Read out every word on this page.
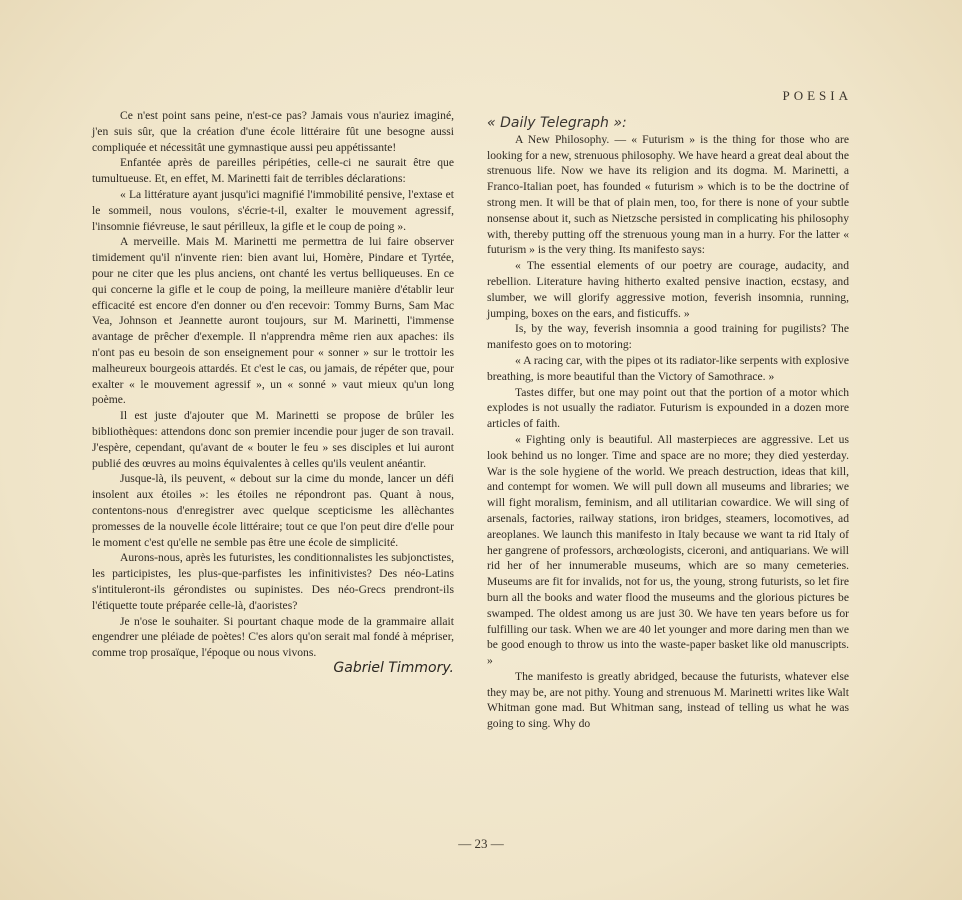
POESIA

Ce n'est point sans peine, n'est-ce pas? Jamais vous n'auriez imaginé, j'en suis sûr, que la création d'une école littéraire fût une besogne aussi compliquée et nécessitât une gymnastique aussi peu appétissante!

Enfantée après de pareilles péripéties, celle-ci ne saurait être que tumultueuse. Et, en effet, M. Marinetti fait de terribles déclarations:

« La littérature ayant jusqu'ici magnifié l'immobilité pensive, l'extase et le sommeil, nous voulons, s'écrie-t-il, exalter le mouvement agressif, l'insomnie fiévreuse, le saut périlleux, la gifle et le coup de poing ».

A merveille. Mais M. Marinetti me permettra de lui faire observer timidement qu'il n'invente rien: bien avant lui, Homère, Pindare et Tyrtée, pour ne citer que les plus anciens, ont chanté les vertus belliqueuses. En ce qui concerne la gifle et le coup de poing, la meilleure manière d'établir leur efficacité est encore d'en donner ou d'en recevoir: Tommy Burns, Sam Mac Vea, Johnson et Jeannette auront toujours, sur M. Marinetti, l'immense avantage de prêcher d'exemple. Il n'apprendra même rien aux apaches: ils n'ont pas eu besoin de son enseignement pour « sonner » sur le trottoir les malheureux bourgeois attardés. Et c'est le cas, ou jamais, de répéter que, pour exalter « le mouvement agressif », un « sonné » vaut mieux qu'un long poème.

Il est juste d'ajouter que M. Marinetti se propose de brûler les bibliothèques: attendons donc son premier incendie pour juger de son travail. J'espère, cependant, qu'avant de « bouter le feu » ses disciples et lui auront publié des œuvres au moins équivalentes à celles qu'ils veulent anéantir.

Jusque-là, ils peuvent, « debout sur la cime du monde, lancer un défi insolent aux étoiles »: les étoiles ne répondront pas. Quant à nous, contentons-nous d'enregistrer avec quelque scepticisme les allèchantes promesses de la nouvelle école littéraire; tout ce que l'on peut dire d'elle pour le moment c'est qu'elle ne semble pas être une école de simplicité.

Aurons-nous, après les futuristes, les conditionnalistes les subjonctistes, les participistes, les plus-que-parfistes les infinitivistes? Des néo-Latins s'intituleront-ils gérondistes ou supinistes. Des néo-Grecs prendront-ils l'étiquette toute préparée celle-là, d'aoristes?

Je n'ose le souhaiter. Si pourtant chaque mode de la grammaire allait engendrer une pléiade de poètes! C'es alors qu'on serait mal fondé à mépriser, comme trop prosaïque, l'époque ou nous vivons.

Gabriel Timmory.

« Daily Telegraph »:

A New Philosophy. — « Futurism » is the thing for those who are looking for a new, strenuous philosophy. We have heard a great deal about the strenuous life. Now we have its religion and its dogma. M. Marinetti, a Franco-Italian poet, has founded « futurism » which is to be the doctrine of strong men. It will be that of plain men, too, for there is none of your subtle nonsense about it, such as Nietzsche persisted in complicating his philosophy with, thereby putting off the strenuous young man in a hurry. For the latter « futurism » is the very thing. Its manifesto says:

« The essential elements of our poetry are courage, audacity, and rebellion. Literature having hitherto exalted pensive inaction, ecstasy, and slumber, we will glorify aggressive motion, feverish insomnia, running, jumping, boxes on the ears, and fisticuffs. »

Is, by the way, feverish insomnia a good training for pugilists? The manifesto goes on to motoring:

« A racing car, with the pipes ot its radiator-like serpents with explosive breathing, is more beautiful than the Victory of Samothrace. »

Tastes differ, but one may point out that the portion of a motor which explodes is not usually the radiator. Futurism is expounded in a dozen more articles of faith.

« Fighting only is beautiful. All masterpieces are aggressive. Let us look behind us no longer. Time and space are no more; they died yesterday. War is the sole hygiene of the world. We preach destruction, ideas that kill, and contempt for women. We will pull down all museums and libraries; we will fight moralism, feminism, and all utilitarian cowardice. We will sing of arsenals, factories, railway stations, iron bridges, steamers, locomotives, ad areoplanes. We launch this manifesto in Italy because we want ta rid Italy of her gangrene of professors, archœologists, ciceroni, and antiquarians. We will rid her of her innumerable museums, which are so many cemeteries. Museums are fit for invalids, not for us, the young, strong futurists, so let fire burn all the books and water flood the museums and the glorious pictures be swamped. The oldest among us are just 30. We have ten years before us for fulfilling our task. When we are 40 let younger and more daring men than we be good enough to throw us into the waste-paper basket like old manuscripts. »

The manifesto is greatly abridged, because the futurists, whatever else they may be, are not pithy. Young and strenuous M. Marinetti writes like Walt Whitman gone mad. But Whitman sang, instead of telling us what he was going to sing. Why do

— 23 —
